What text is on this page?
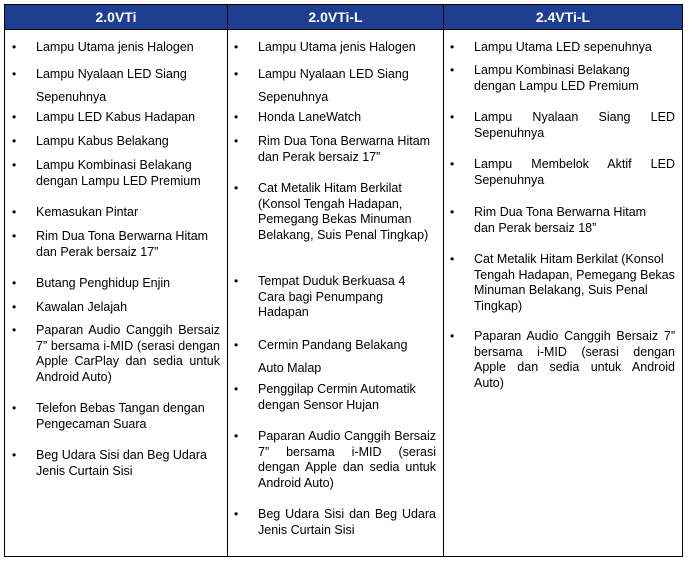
2.0VTi	2.0VTi-L	2.4VTi-L
• Lampu Utama jenis Halogen
• Lampu Nyalaan LED Siang Sepenuhnya
• Lampu LED Kabus Hadapan
• Lampu Kabus Belakang
• Lampu Kombinasi Belakang dengan Lampu LED Premium
• Kemasukan Pintar
• Rim Dua Tona Berwarna Hitam dan Perak bersaiz 17”
• Butang Penghidup Enjin
• Kawalan Jelajah
• Paparan Audio Canggih Bersaiz 7” bersama i-MID (serasi dengan Apple CarPlay dan sedia untuk Android Auto)
• Telefon Bebas Tangan dengan Pengecaman Suara
• Beg Udara Sisi dan Beg Udara Jenis Curtain Sisi
• Lampu Utama jenis Halogen
• Lampu Nyalaan LED Siang Sepenuhnya
• Honda LaneWatch
• Rim Dua Tona Berwarna Hitam dan Perak bersaiz 17”
• Cat Metalik Hitam Berkilat (Konsol Tengah Hadapan, Pemegang Bekas Minuman Belakang, Suis Penal Tingkap)
• Tempat Duduk Berkuasa 4 Cara bagi Penumpang Hadapan
• Cermin Pandang Belakang Auto Malap
• Penggilap Cermin Automatik dengan Sensor Hujan
• Paparan Audio Canggih Bersaiz 7” bersama i-MID (serasi dengan Apple dan sedia untuk Android Auto)
• Beg Udara Sisi dan Beg Udara Jenis Curtain Sisi
• Lampu Utama LED sepenuhnya
• Lampu Kombinasi Belakang dengan Lampu LED Premium
• Lampu Nyalaan Siang LED Sepenuhnya
• Lampu Membelok Aktif LED Sepenuhnya
• Rim Dua Tona Berwarna Hitam dan Perak bersaiz 18”
• Cat Metalik Hitam Berkilat (Konsol Tengah Hadapan, Pemegang Bekas Minuman Belakang, Suis Penal Tingkap)
• Paparan Audio Canggih Bersaiz 7” bersama i-MID (serasi dengan Apple dan sedia untuk Android Auto)
